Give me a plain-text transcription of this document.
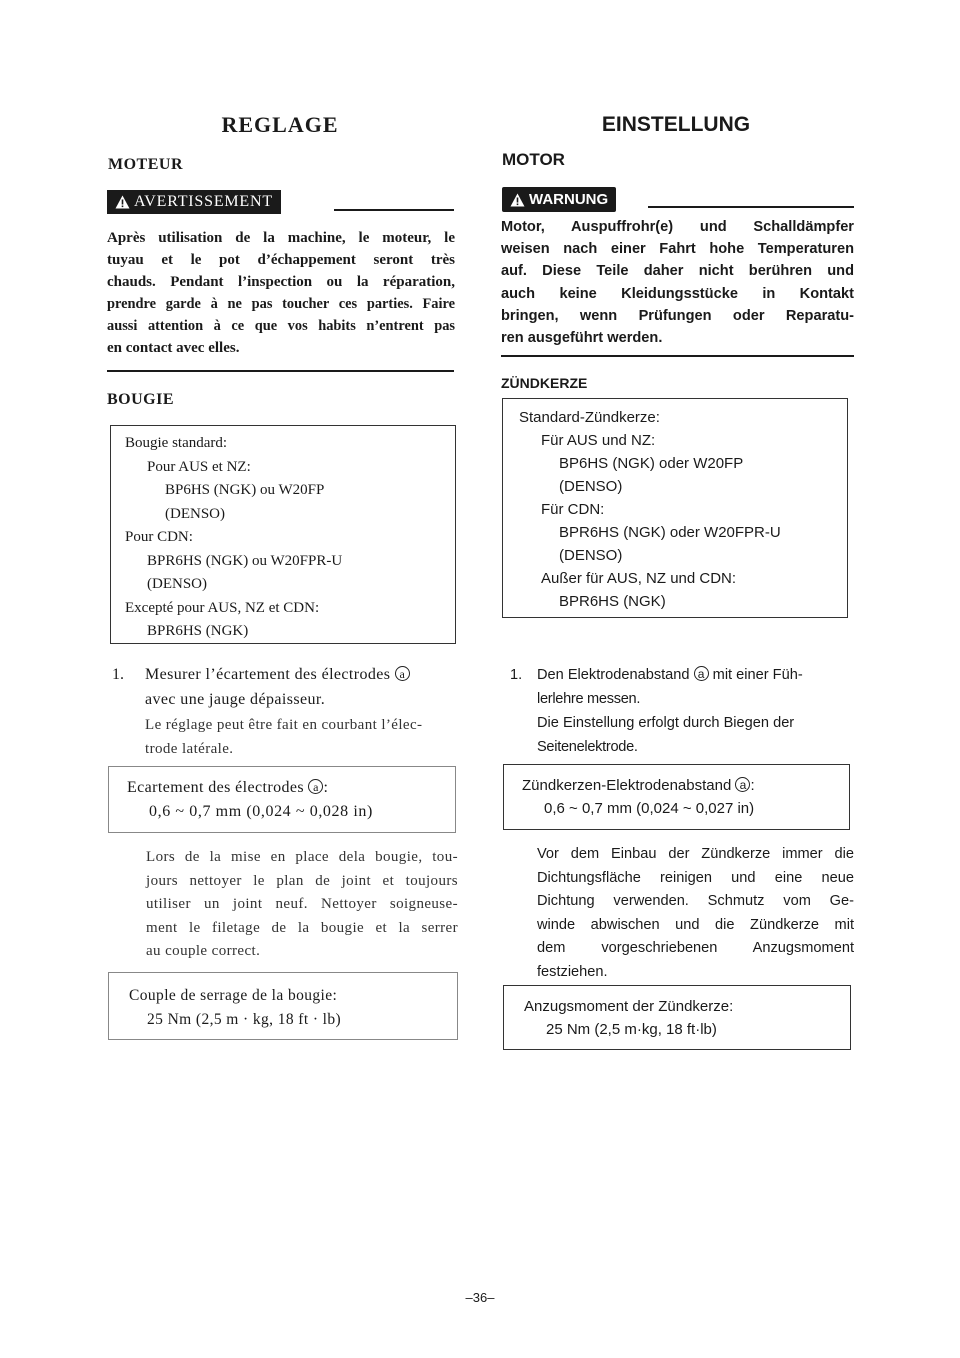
REGLAGE
MOTEUR
AVERTISSEMENT
Après utilisation de la machine, le moteur, le
tuyau et le pot d’échappement seront très
chauds. Pendant l’inspection ou la réparation,
prendre garde à ne pas toucher ces parties. Faire
aussi attention à ce que vos habits n’entrent pas
en contact avec elles.
BOUGIE
Bougie standard:
Pour AUS et NZ:
BP6HS (NGK) ou W20FP
(DENSO)
Pour CDN:
BPR6HS (NGK) ou W20FPR-U
(DENSO)
Excepté pour AUS, NZ et CDN:
BPR6HS (NGK)
1. Mesurer l’écartement des électrodes a
avec une jauge dépaisseur.
Le réglage peut être fait en courbant l’élec-
trode latérale.
Ecartement des électrodes a :
0,6 ~ 0,7 mm (0,024 ~ 0,028 in)
Lors de la mise en place dela bougie, tou-
jours nettoyer le plan de joint et toujours
utiliser un joint neuf. Nettoyer soigneuse-
ment le filetage de la bougie et la serrer
au couple correct.
Couple de serrage de la bougie:
25 Nm (2,5 m · kg, 18 ft · lb)
EINSTELLUNG
MOTOR
WARNUNG
Motor, Auspuffrohr(e) und Schalldämpfer
weisen nach einer Fahrt hohe Temperaturen
auf. Diese Teile daher nicht berühren und
auch keine Kleidungsstücke in Kontakt
bringen, wenn Prüfungen oder Reparatu-
ren ausgeführt werden.
ZÜNDKERZE
Standard-Zündkerze:
Für AUS und NZ:
BP6HS (NGK) oder W20FP
(DENSO)
Für CDN:
BPR6HS (NGK) oder W20FPR-U
(DENSO)
Außer für AUS, NZ und CDN:
BPR6HS (NGK)
1. Den Elektrodenabstand a mit einer Füh-
lerlehre messen.
Die Einstellung erfolgt durch Biegen der
Seitenelektrode.
Zündkerzen-Elektrodenabstand a :
0,6 ~ 0,7 mm (0,024 ~ 0,027 in)
Vor dem Einbau der Zündkerze immer die
Dichtungsfläche reinigen und eine neue
Dichtung verwenden. Schmutz vom Ge-
winde abwischen und die Zündkerze mit
dem vorgeschriebenen Anzugsmoment
festziehen.
Anzugsmoment der Zündkerze:
25 Nm (2,5 m·kg, 18 ft·lb)
–36–
